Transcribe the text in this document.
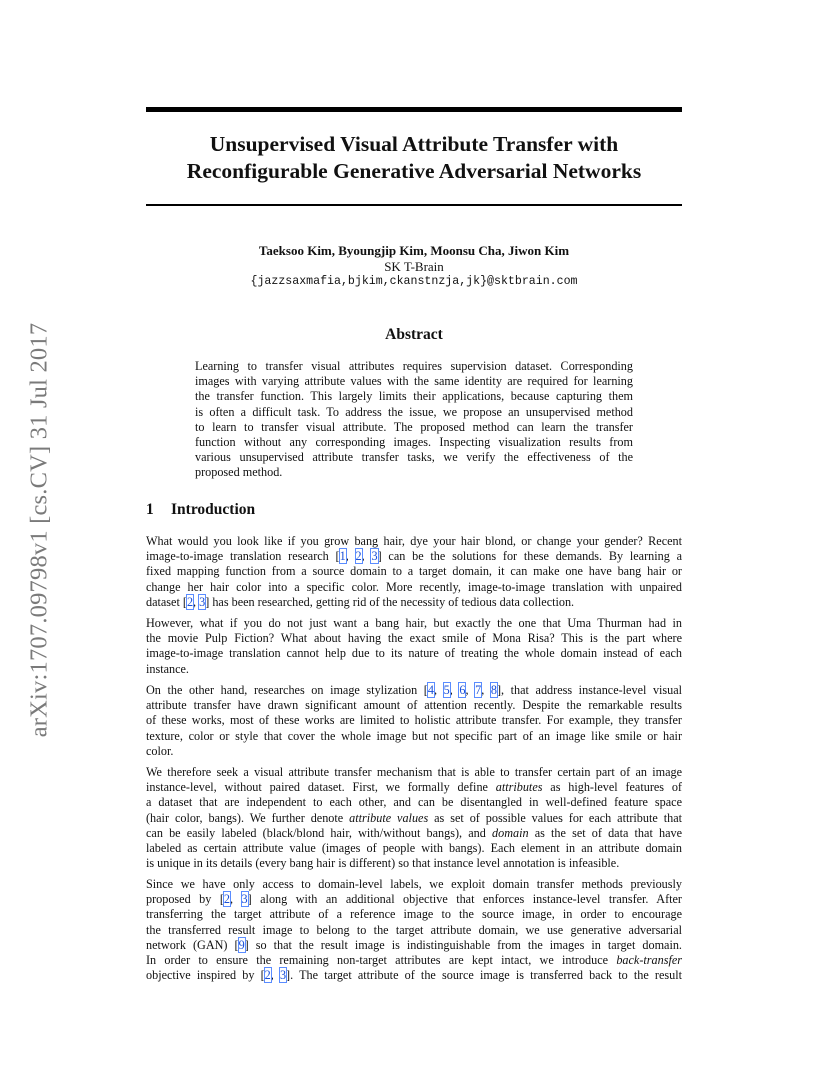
arXiv:1707.09798v1 [cs.CV] 31 Jul 2017
Unsupervised Visual Attribute Transfer with
Reconfigurable Generative Adversarial Networks
Taeksoo Kim, Byoungjip Kim, Moonsu Cha, Jiwon Kim
SK T-Brain
{jazzsaxmafia,bjkim,ckanstnzja,jk}@sktbrain.com
Abstract
Learning to transfer visual attributes requires supervision dataset. Corresponding
images with varying attribute values with the same identity are required for learning
the transfer function. This largely limits their applications, because capturing them
is often a difficult task. To address the issue, we propose an unsupervised method
to learn to transfer visual attribute. The proposed method can learn the transfer
function without any corresponding images. Inspecting visualization results from
various unsupervised attribute transfer tasks, we verify the effectiveness of the
proposed method.
1 Introduction
What would you look like if you grow bang hair, dye your hair blond, or change your gender? Recent
image-to-image translation research [1, 2, 3] can be the solutions for these demands. By learning a
fixed mapping function from a source domain to a target domain, it can make one have bang hair or
change her hair color into a specific color. More recently, image-to-image translation with unpaired
dataset [2, 3] has been researched, getting rid of the necessity of tedious data collection.
However, what if you do not just want a bang hair, but exactly the one that Uma Thurman had in
the movie Pulp Fiction? What about having the exact smile of Mona Risa? This is the part where
image-to-image translation cannot help due to its nature of treating the whole domain instead of each
instance.
On the other hand, researches on image stylization [4, 5, 6, 7, 8], that address instance-level visual
attribute transfer have drawn significant amount of attention recently. Despite the remarkable results
of these works, most of these works are limited to holistic attribute transfer. For example, they transfer
texture, color or style that cover the whole image but not specific part of an image like smile or hair
color.
We therefore seek a visual attribute transfer mechanism that is able to transfer certain part of an image
instance-level, without paired dataset. First, we formally define attributes as high-level features of
a dataset that are independent to each other, and can be disentangled in well-defined feature space
(hair color, bangs). We further denote attribute values as set of possible values for each attribute that
can be easily labeled (black/blond hair, with/without bangs), and domain as the set of data that have
labeled as certain attribute value (images of people with bangs). Each element in an attribute domain
is unique in its details (every bang hair is different) so that instance level annotation is infeasible.
Since we have only access to domain-level labels, we exploit domain transfer methods previously
proposed by [2, 3] along with an additional objective that enforces instance-level transfer. After
transferring the target attribute of a reference image to the source image, in order to encourage
the transferred result image to belong to the target attribute domain, we use generative adversarial
network (GAN) [9] so that the result image is indistinguishable from the images in target domain.
In order to ensure the remaining non-target attributes are kept intact, we introduce back-transfer
objective inspired by [2, 3]. The target attribute of the source image is transferred back to the result
